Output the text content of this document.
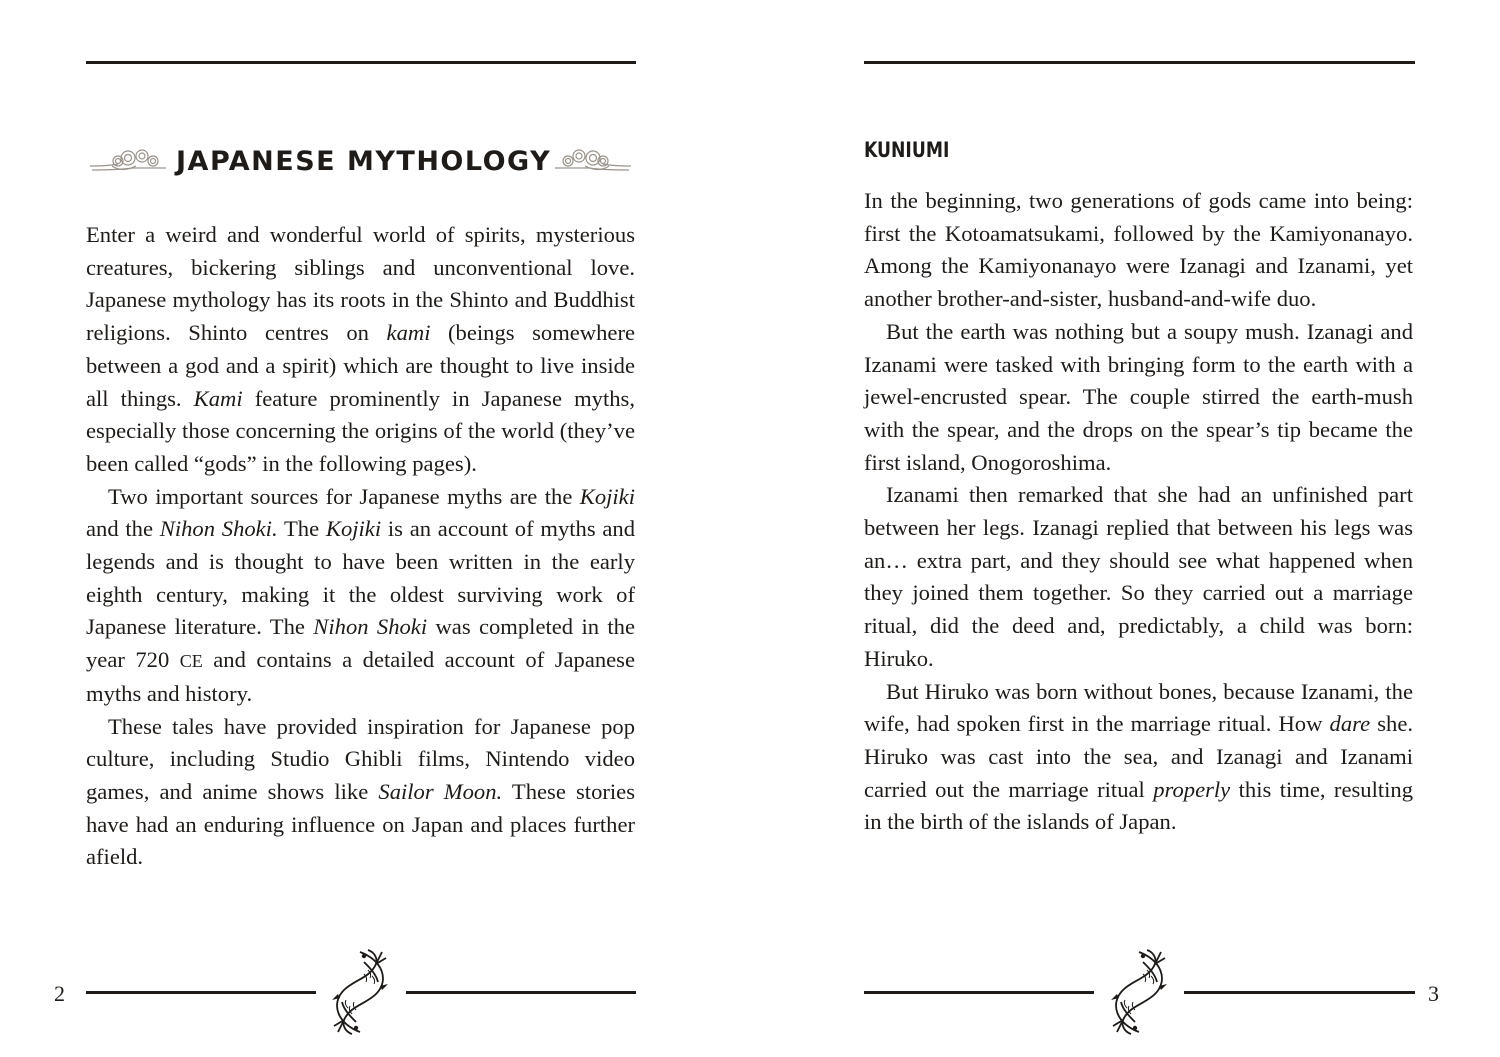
JAPANESE MYTHOLOGY

Enter a weird and wonderful world of spirits, mysterious creatures, bickering siblings and unconventional love. Japanese mythology has its roots in the Shinto and Buddhist religions. Shinto centres on kami (beings somewhere between a god and a spirit) which are thought to live inside all things. Kami feature prominently in Japanese myths, especially those concerning the origins of the world (they’ve been called “gods” in the following pages).

Two important sources for Japanese myths are the Kojiki and the Nihon Shoki. The Kojiki is an account of myths and legends and is thought to have been written in the early eighth century, making it the oldest surviving work of Japanese literature. The Nihon Shoki was completed in the year 720 CE and contains a detailed account of Japanese myths and history.

These tales have provided inspiration for Japanese pop culture, including Studio Ghibli films, Nintendo video games, and anime shows like Sailor Moon. These stories have had an enduring influence on Japan and places further afield.

KUNIUMI

In the beginning, two generations of gods came into being: first the Kotoamatsukami, followed by the Kamiyonanayo. Among the Kamiyonanayo were Izanagi and Izanami, yet another brother-and-sister, husband-and-wife duo.

But the earth was nothing but a soupy mush. Izanagi and Izanami were tasked with bringing form to the earth with a jewel-encrusted spear. The couple stirred the earth-mush with the spear, and the drops on the spear’s tip became the first island, Onogoroshima.

Izanami then remarked that she had an unfinished part between her legs. Izanagi replied that between his legs was an… extra part, and they should see what happened when they joined them together. So they carried out a marriage ritual, did the deed and, predictably, a child was born: Hiruko.

But Hiruko was born without bones, because Izanami, the wife, had spoken first in the marriage ritual. How dare she. Hiruko was cast into the sea, and Izanagi and Izanami carried out the marriage ritual properly this time, resulting in the birth of the islands of Japan.

2	3
